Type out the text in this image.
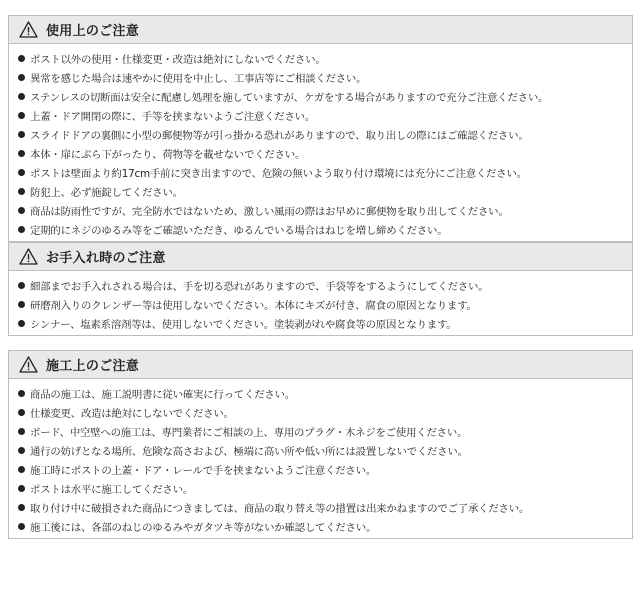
使用上のご注意
ポスト以外の使用・仕様変更・改造は絶対にしないでください。
異常を感じた場合は速やかに使用を中止し、工事店等にご相談ください。
ステンレスの切断面は安全に配慮し処理を施していますが、ケガをする場合がありますので充分ご注意ください。
上蓋・ドア開閉の際に、手等を挟まないようご注意ください。
スライドドアの裏側に小型の郵便物等が引っ掛かる恐れがありますので、取り出しの際にはご確認ください。
本体・扉にぶら下がったり、荷物等を載せないでください。
ポストは壁面より約17cm手前に突き出ますので、危険の無いよう取り付け環境には充分にご注意ください。
防犯上、必ず施錠してください。
商品は防雨性ですが、完全防水ではないため、激しい風雨の際はお早めに郵便物を取り出してください。
定期的にネジのゆるみ等をご確認いただき、ゆるんでいる場合はねじを増し締めください。
お手入れ時のご注意
細部までお手入れされる場合は、手を切る恐れがありますので、手袋等をするようにしてください。
研磨剤入りのクレンザー等は使用しないでください。本体にキズが付き、腐食の原因となります。
シンナー、塩素系溶剤等は、使用しないでください。塗装剥がれや腐食等の原因となります。
施工上のご注意
商品の施工は、施工説明書に従い確実に行ってください。
仕様変更、改造は絶対にしないでください。
ボード、中空壁への施工は、専門業者にご相談の上、専用のプラグ・木ネジをご使用ください。
通行の妨げとなる場所、危険な高さおよび、極端に高い所や低い所には設置しないでください。
施工時にポストの上蓋・ドア・レールで手を挟まないようご注意ください。
ポストは水平に施工してください。
取り付け中に破損された商品につきましては、商品の取り替え等の措置は出来かねますのでご了承ください。
施工後には、各部のねじのゆるみやガタツキ等がないか確認してください。
